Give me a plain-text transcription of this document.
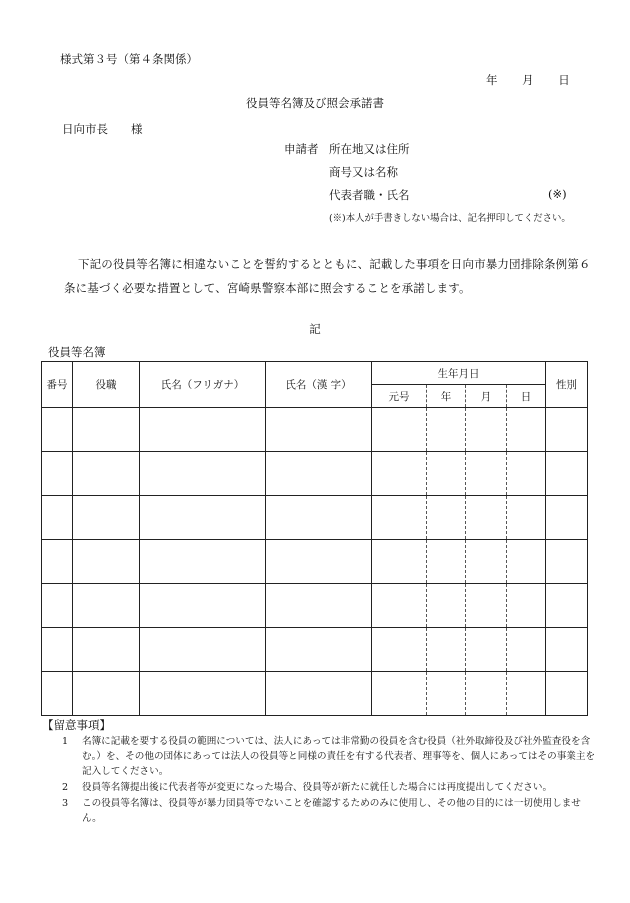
様式第３号（第４条関係）
年 月 日
役員等名簿及び照会承諾書
日向市長　　様
申請者 所在地又は住所
商号又は名称
代表者職・氏名	(※)
(※)本人が手書きしない場合は、記名押印してください。
下記の役員等名簿に相違ないことを誓約するとともに、記載した事項を日向市暴力団排除条例第６条に基づく必要な措置として、宮崎県警察本部に照会することを承諾します。
記
役員等名簿
番号	役職	氏名（フリガナ）	氏名（漢 字）	生年月日				性別
				元号	年	月	日	

【留意事項】
1	名簿に記載を要する役員の範囲については、法人にあっては非常勤の役員を含む役員（社外取締役及び社外監査役を含む。）を、その他の団体にあっては法人の役員等と同様の責任を有する代表者、理事等を、個人にあってはその事業主を記入してください。
2	役員等名簿提出後に代表者等が変更になった場合、役員等が新たに就任した場合には再度提出してください。
3	この役員等名簿は、役員等が暴力団員等でないことを確認するためのみに使用し、その他の目的には一切使用しません。
